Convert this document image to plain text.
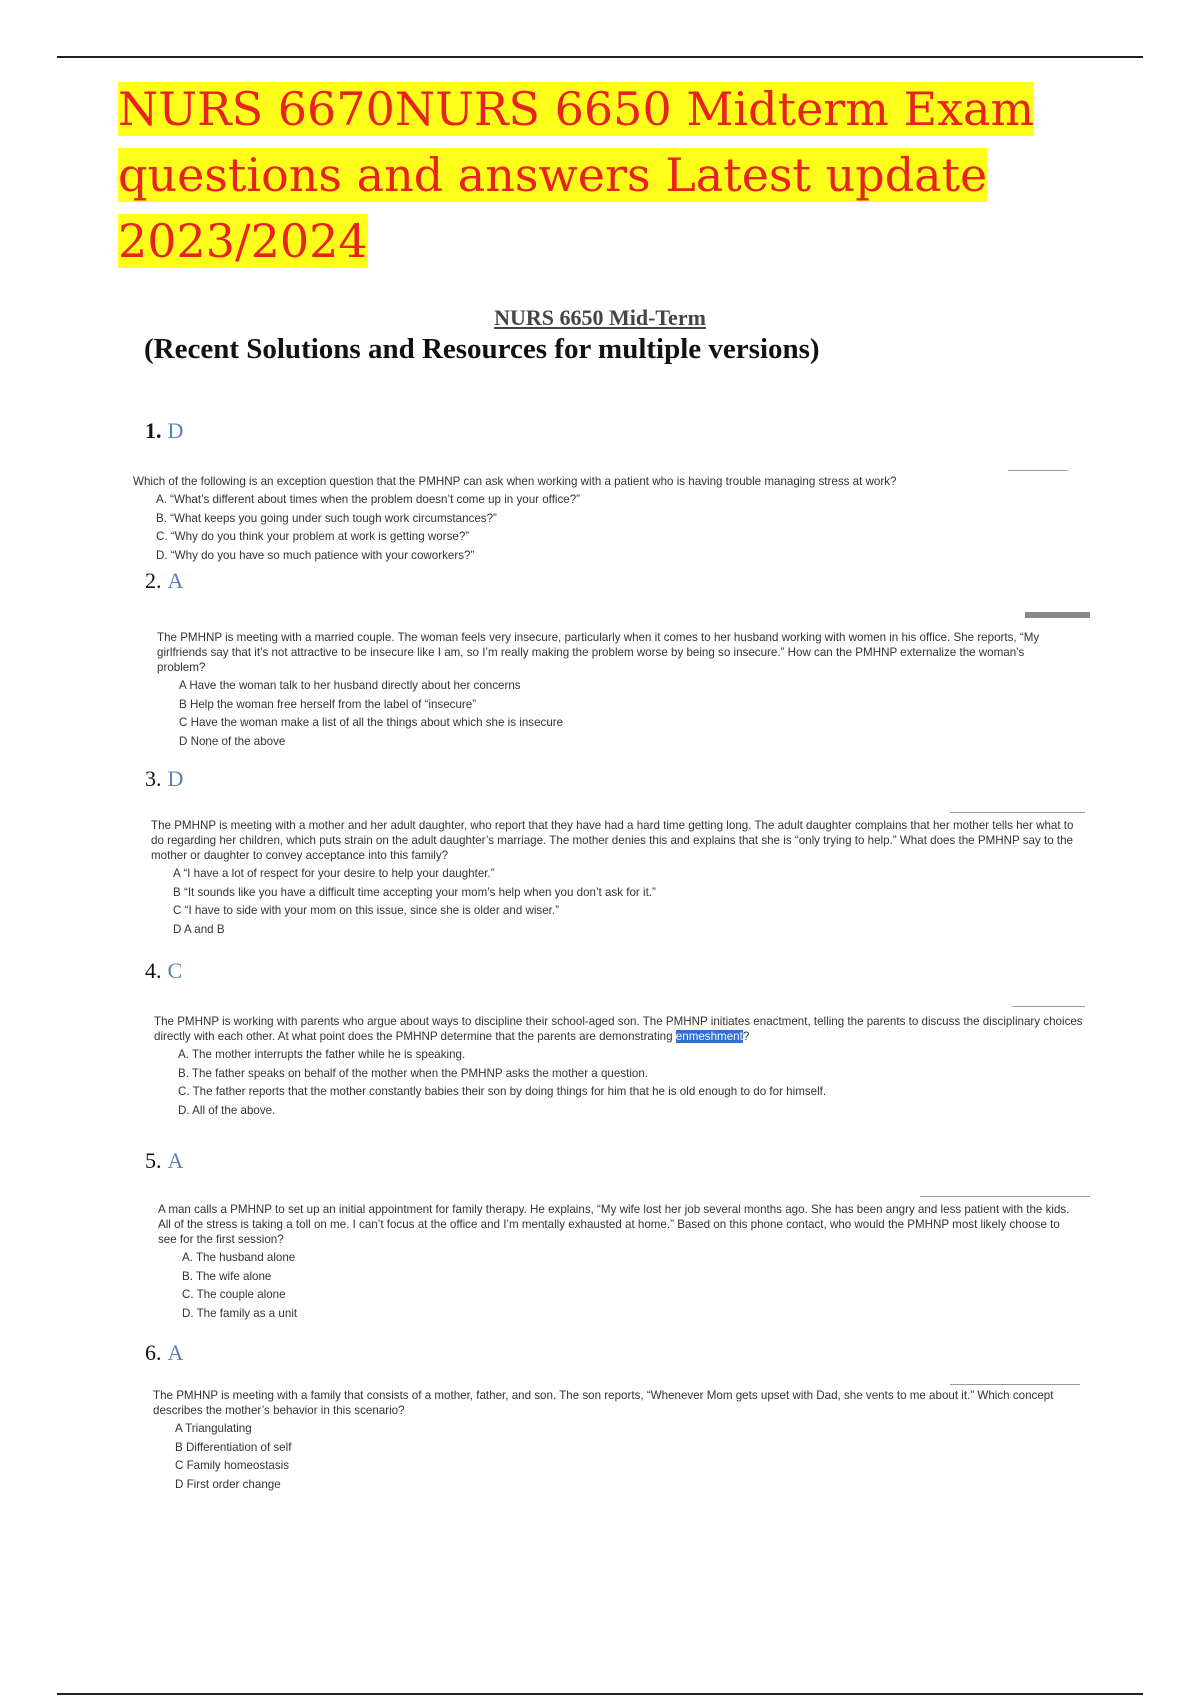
NURS 6670NURS 6650 Midterm Exam questions and answers Latest update 2023/2024
NURS 6650 Mid-Term
(Recent Solutions and Resources for multiple versions)
1. D

Which of the following is an exception question that the PMHNP can ask when working with a patient who is having trouble managing stress at work?

A. “What’s different about times when the problem doesn’t come up in your office?”
B. “What keeps you going under such tough work circumstances?”
C. “Why do you think your problem at work is getting worse?”
D. “Why do you have so much patience with your coworkers?”
2. A

The PMHNP is meeting with a married couple. The woman feels very insecure, particularly when it comes to her husband working with women in his office. She reports, “My girlfriends say that it’s not attractive to be insecure like I am, so I’m really making the problem worse by being so insecure.” How can the PMHNP externalize the woman’s problem?

A Have the woman talk to her husband directly about her concerns
B Help the woman free herself from the label of “insecure”
C Have the woman make a list of all the things about which she is insecure
D None of the above
3. D

The PMHNP is meeting with a mother and her adult daughter, who report that they have had a hard time getting long. The adult daughter complains that her mother tells her what to do regarding her children, which puts strain on the adult daughter’s marriage. The mother denies this and explains that she is “only trying to help.” What does the PMHNP say to the mother or daughter to convey acceptance into this family?

A “I have a lot of respect for your desire to help your daughter.”
B “It sounds like you have a difficult time accepting your mom’s help when you don’t ask for it.”
C “I have to side with your mom on this issue, since she is older and wiser.”
D A and B
4. C

The PMHNP is working with parents who argue about ways to discipline their school-aged son. The PMHNP initiates enactment, telling the parents to discuss the disciplinary choices directly with each other. At what point does the PMHNP determine that the parents are demonstrating enmeshment?

A. The mother interrupts the father while he is speaking.
B. The father speaks on behalf of the mother when the PMHNP asks the mother a question.
C. The father reports that the mother constantly babies their son by doing things for him that he is old enough to do for himself.
D. All of the above.
5. A

A man calls a PMHNP to set up an initial appointment for family therapy. He explains, “My wife lost her job several months ago. She has been angry and less patient with the kids. All of the stress is taking a toll on me. I can’t focus at the office and I’m mentally exhausted at home.” Based on this phone contact, who would the PMHNP most likely choose to see for the first session?

A. The husband alone
B. The wife alone
C. The couple alone
D. The family as a unit
6. A

The PMHNP is meeting with a family that consists of a mother, father, and son. The son reports, “Whenever Mom gets upset with Dad, she vents to me about it.” Which concept describes the mother’s behavior in this scenario?

A Triangulating
B Differentiation of self
C Family homeostasis
D First order change
